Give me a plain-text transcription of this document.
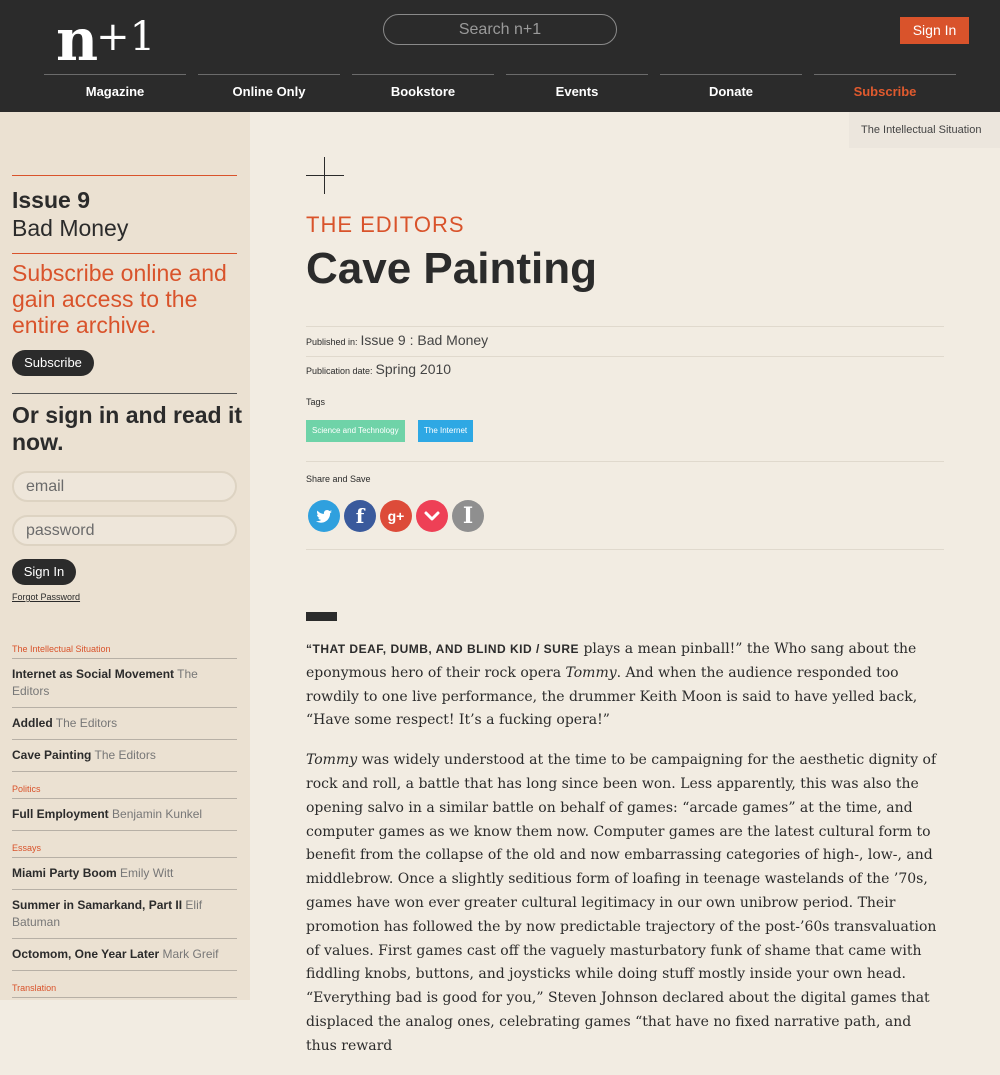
n+1	Search n+1	Sign In
Magazine	Online Only	Bookstore	Events	Donate	Subscribe
Issue 9
Bad Money
Subscribe online and gain access to the entire archive.
Subscribe
Or sign in and read it now.
email
password
Sign In
Forgot Password
The Intellectual Situation
Internet as Social Movement The Editors
Addled The Editors
Cave Painting The Editors
Politics
Full Employment Benjamin Kunkel
Essays
Miami Party Boom Emily Witt
Summer in Samarkand, Part II Elif Batuman
Octomom, One Year Later Mark Greif
Translation
The Intellectual Situation
THE EDITORS
Cave Painting
Published in: Issue 9 : Bad Money
Publication date: Spring 2010
Tags
Science and Technology	The Internet
Share and Save
f	g+	I

“THAT DEAF, DUMB, AND BLIND KID / SURE plays a mean pinball!” the Who sang about the eponymous hero of their rock opera Tommy. And when the audience responded too rowdily to one live performance, the drummer Keith Moon is said to have yelled back, “Have some respect! It’s a fucking opera!”

Tommy was widely understood at the time to be campaigning for the aesthetic dignity of rock and roll, a battle that has long since been won. Less apparently, this was also the opening salvo in a similar battle on behalf of games: “arcade games” at the time, and computer games as we know them now. Computer games are the latest cultural form to benefit from the collapse of the old and now embarrassing categories of high-, low-, and middlebrow. Once a slightly seditious form of loafing in teenage wastelands of the ’70s, games have won ever greater cultural legitimacy in our own unibrow period. Their promotion has followed the by now predictable trajectory of the post-’60s transvaluation of values. First games cast off the vaguely masturbatory funk of shame that came with fiddling knobs, buttons, and joysticks while doing stuff mostly inside your own head. “Everything bad is good for you,” Steven Johnson declared about the digital games that displaced the analog ones, celebrating games “that have no fixed narrative path, and thus reward
